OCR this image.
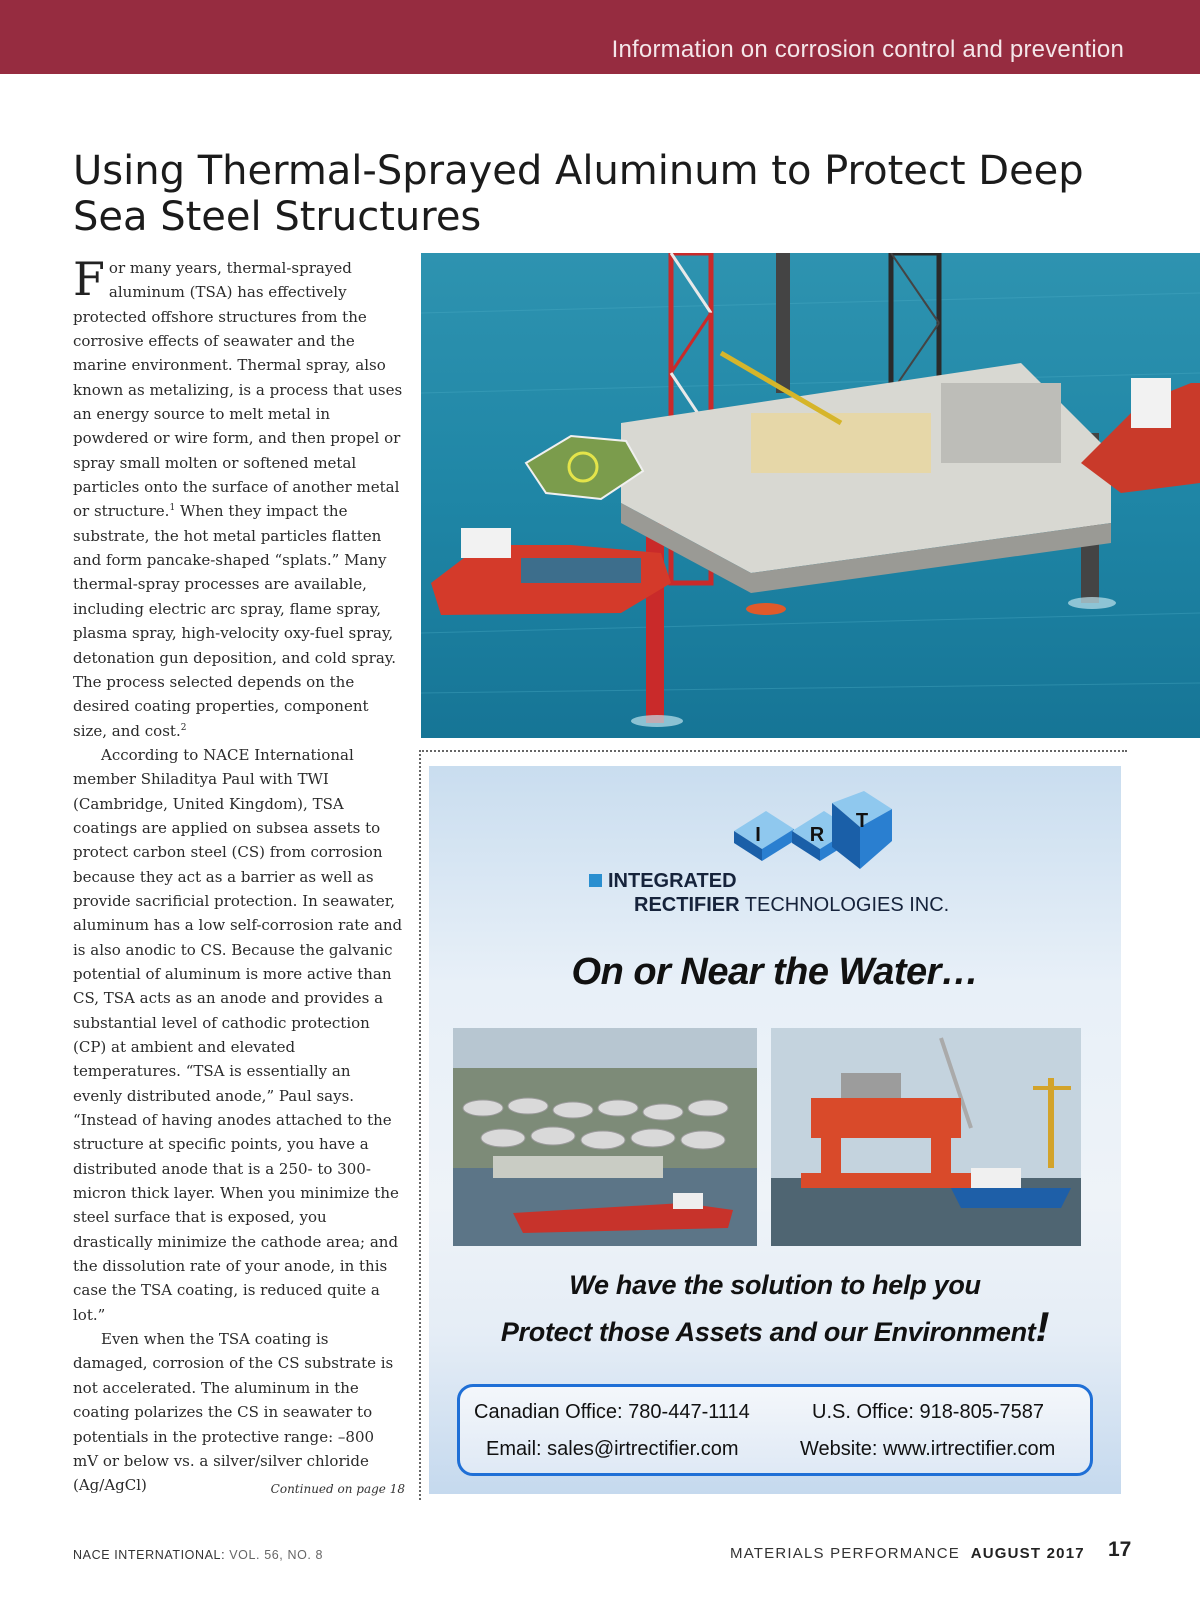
Information on corrosion control and prevention
Using Thermal-Sprayed Aluminum to Protect Deep Sea Steel Structures

For many years, thermal-sprayed aluminum (TSA) has effectively protected offshore structures from the corrosive effects of seawater and the marine environment. Thermal spray, also known as metalizing, is a process that uses an energy source to melt metal in powdered or wire form, and then propel or spray small molten or softened metal particles onto the surface of another metal or structure.$^1$ When they impact the substrate, the hot metal particles flatten and form pancake-shaped “splats.” Many thermal-spray processes are available, including electric arc spray, flame spray, plasma spray, high-velocity oxy-fuel spray, detonation gun deposition, and cold spray. The process selected depends on the desired coating properties, component size, and cost.$^2$

According to NACE International member Shiladitya Paul with TWI (Cambridge, United Kingdom), TSA coatings are applied on subsea assets to protect carbon steel (CS) from corrosion because they act as a barrier as well as provide sacrificial protection. In seawater, aluminum has a low self-corrosion rate and is also anodic to CS. Because the galvanic potential of aluminum is more active than CS, TSA acts as an anode and provides a substantial level of cathodic protection (CP) at ambient and elevated temperatures. “TSA is essentially an evenly distributed anode,” Paul says. “Instead of having anodes attached to the structure at specific points, you have a distributed anode that is a 250- to 300-micron thick layer. When you minimize the steel surface that is exposed, you drastically minimize the cathode area; and the dissolution rate of your anode, in this case the TSA coating, is reduced quite a lot.”

Even when the TSA coating is damaged, corrosion of the CS substrate is not accelerated. The aluminum in the coating polarizes the CS in seawater to potentials in the protective range: –800 mV or below vs. a silver/silver chloride (Ag/AgCl)	Continued on page 18
I R
T
INTEGRATED
RECTIFIER TECHNOLOGIES INC.
On or Near the Water…
We have the solution to help you
Protect those Assets and our Environment!
Canadian Office: 780-447-1114	U.S. Office: 918-805-7587
Email: sales@irtrectifier.com	Website: www.irtrectifier.com
NACE INTERNATIONAL: VOL. 56, NO. 8	MATERIALS PERFORMANCE AUGUST 2017 17
